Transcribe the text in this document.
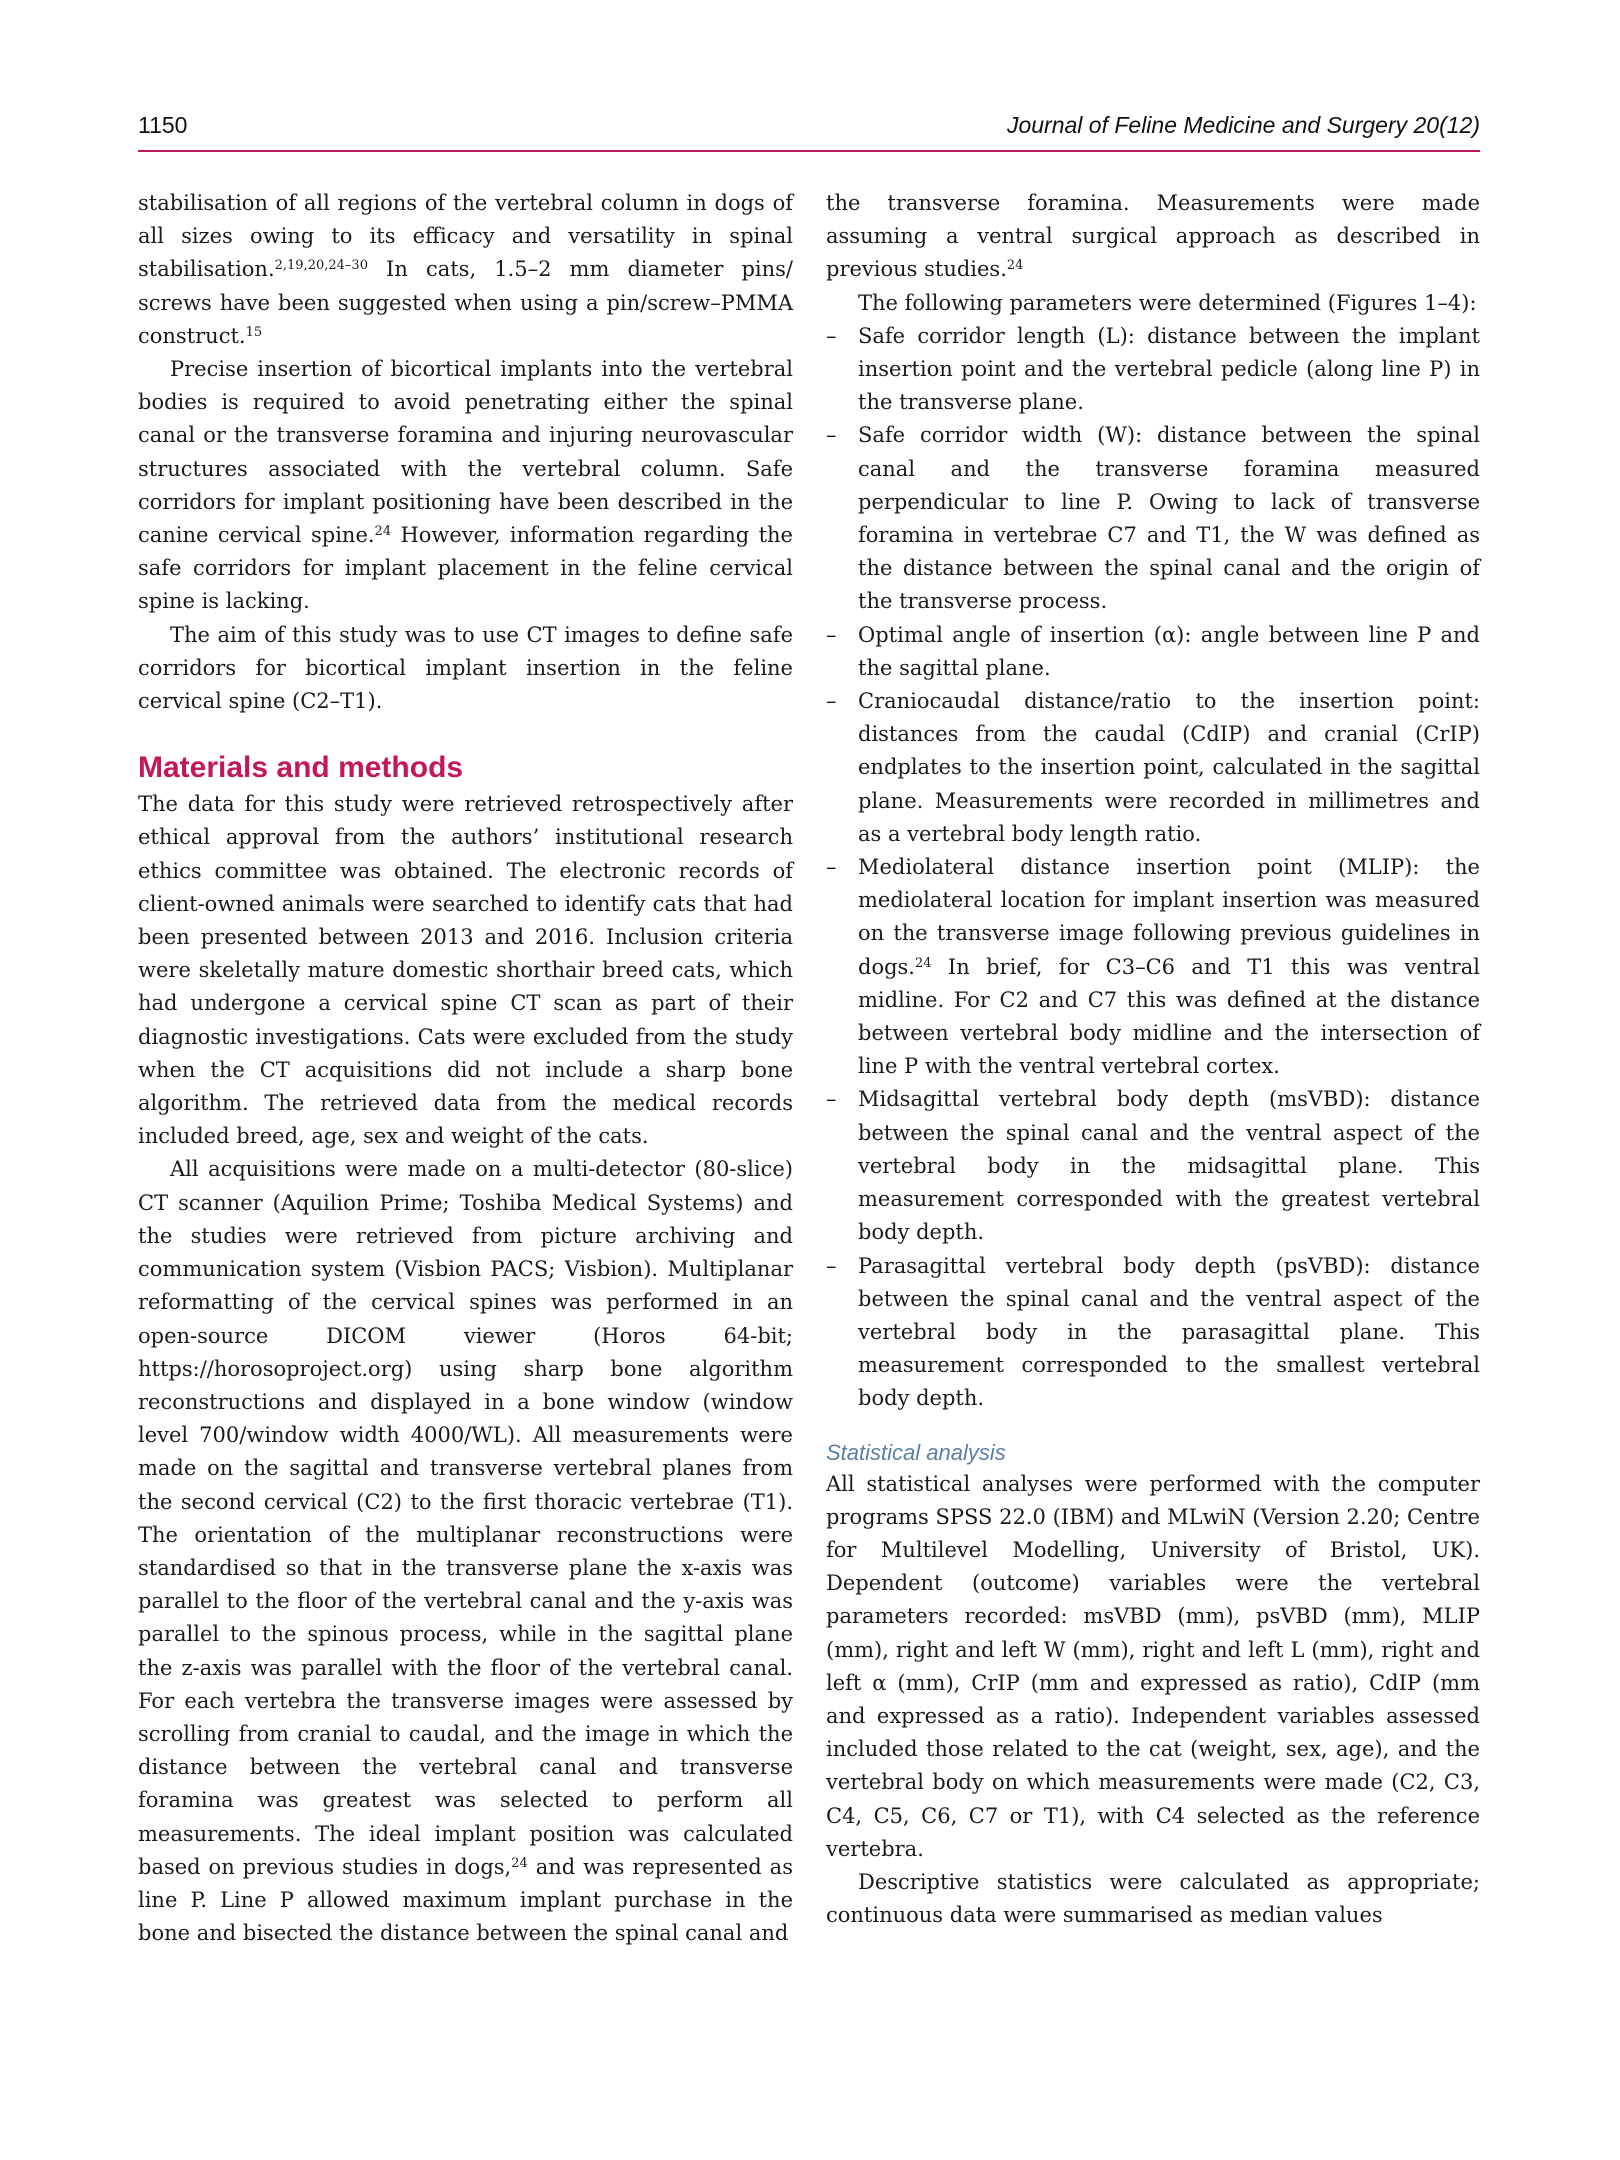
1150	Journal of Feline Medicine and Surgery 20(12)

stabilisation of all regions of the vertebral column in dogs of all sizes owing to its efficacy and versatility in spinal stabilisation.$^{2,19,20,24-30}$ In cats, 1.5–2 mm diameter pins/ screws have been suggested when using a pin/screw–PMMA construct.$^{15}$

Precise insertion of bicortical implants into the vertebral bodies is required to avoid penetrating either the spinal canal or the transverse foramina and injuring neurovascular structures associated with the vertebral column. Safe corridors for implant positioning have been described in the canine cervical spine.$^{24}$ However, information regarding the safe corridors for implant placement in the feline cervical spine is lacking.

The aim of this study was to use CT images to define safe corridors for bicortical implant insertion in the feline cervical spine (C2–T1).

Materials and methods

The data for this study were retrieved retrospectively after ethical approval from the authors’ institutional research ethics committee was obtained. The electronic records of client-owned animals were searched to identify cats that had been presented between 2013 and 2016. Inclusion criteria were skeletally mature domestic shorthair breed cats, which had undergone a cervical spine CT scan as part of their diagnostic investigations. Cats were excluded from the study when the CT acquisitions did not include a sharp bone algorithm. The retrieved data from the medical records included breed, age, sex and weight of the cats.

All acquisitions were made on a multi-detector (80-slice) CT scanner (Aquilion Prime; Toshiba Medical Systems) and the studies were retrieved from picture archiving and communication system (Visbion PACS; Visbion). Multiplanar reformatting of the cervical spines was performed in an open-source DICOM viewer (Horos 64-bit; https://horosoproject.org) using sharp bone algorithm reconstructions and displayed in a bone window (window level 700/window width 4000/WL). All measurements were made on the sagittal and transverse vertebral planes from the second cervical (C2) to the first thoracic vertebrae (T1). The orientation of the multiplanar reconstructions were standardised so that in the transverse plane the x-axis was parallel to the floor of the vertebral canal and the y-axis was parallel to the spinous process, while in the sagittal plane the z-axis was parallel with the floor of the vertebral canal. For each vertebra the transverse images were assessed by scrolling from cranial to caudal, and the image in which the distance between the vertebral canal and transverse foramina was greatest was selected to perform all measurements. The ideal implant position was calculated based on previous studies in dogs,$^{24}$ and was represented as line P. Line P allowed maximum implant purchase in the bone and bisected the distance between the spinal canal and

the transverse foramina. Measurements were made assuming a ventral surgical approach as described in previous studies.$^{24}$

The following parameters were determined (Figures 1–4):

– Safe corridor length (L): distance between the implant insertion point and the vertebral pedicle (along line P) in the transverse plane.
– Safe corridor width (W): distance between the spinal canal and the transverse foramina measured perpendicular to line P. Owing to lack of transverse foramina in vertebrae C7 and T1, the W was defined as the distance between the spinal canal and the origin of the transverse process.
– Optimal angle of insertion (α): angle between line P and the sagittal plane.
– Craniocaudal distance/ratio to the insertion point: distances from the caudal (CdIP) and cranial (CrIP) endplates to the insertion point, calculated in the sagittal plane. Measurements were recorded in millimetres and as a vertebral body length ratio.
– Mediolateral distance insertion point (MLIP): the mediolateral location for implant insertion was measured on the transverse image following previous guidelines in dogs.$^{24}$ In brief, for C3–C6 and T1 this was ventral midline. For C2 and C7 this was defined at the distance between vertebral body midline and the intersection of line P with the ventral vertebral cortex.
– Midsagittal vertebral body depth (msVBD): distance between the spinal canal and the ventral aspect of the vertebral body in the midsagittal plane. This measurement corresponded with the greatest vertebral body depth.
– Parasagittal vertebral body depth (psVBD): distance between the spinal canal and the ventral aspect of the vertebral body in the parasagittal plane. This measurement corresponded to the smallest vertebral body depth.
Statistical analysis

All statistical analyses were performed with the computer programs SPSS 22.0 (IBM) and MLwiN (Version 2.20; Centre for Multilevel Modelling, University of Bristol, UK). Dependent (outcome) variables were the vertebral parameters recorded: msVBD (mm), psVBD (mm), MLIP (mm), right and left W (mm), right and left L (mm), right and left α (mm), CrIP (mm and expressed as ratio), CdIP (mm and expressed as a ratio). Independent variables assessed included those related to the cat (weight, sex, age), and the vertebral body on which measurements were made (C2, C3, C4, C5, C6, C7 or T1), with C4 selected as the reference vertebra.

Descriptive statistics were calculated as appropriate; continuous data were summarised as median values
